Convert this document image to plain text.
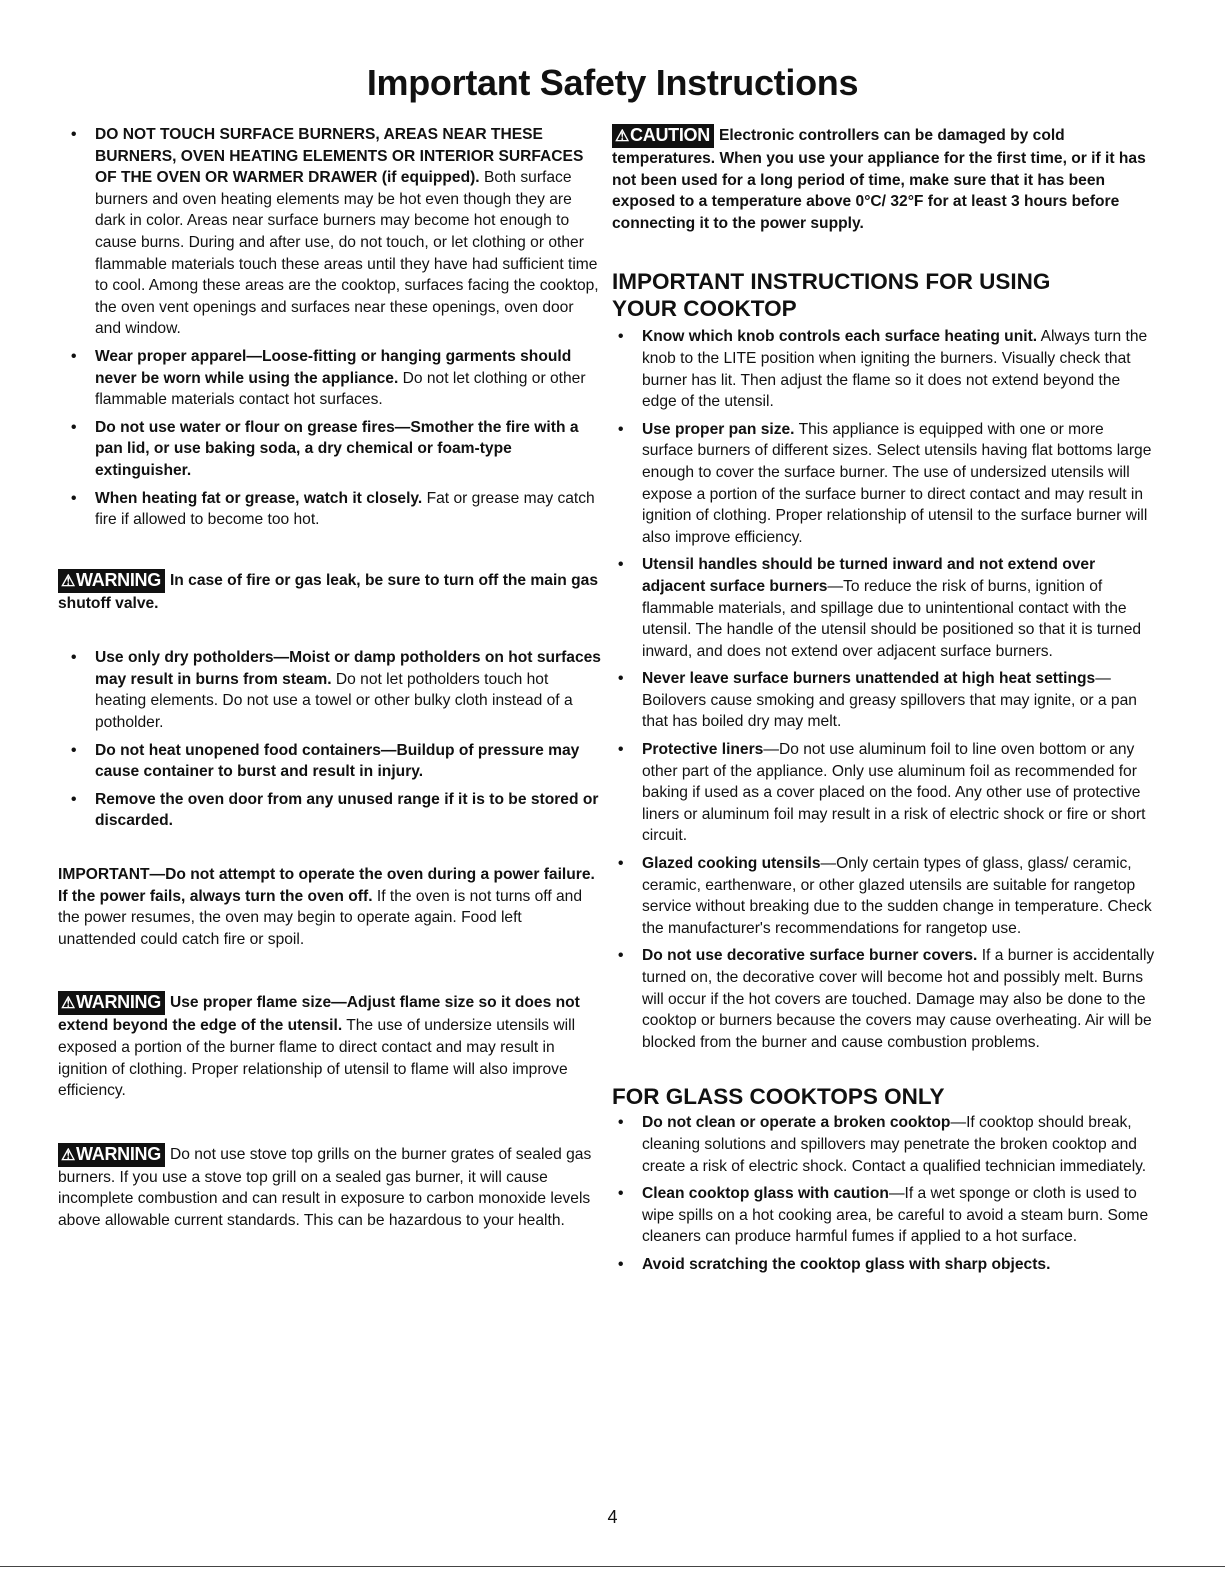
Important Safety Instructions
• DO NOT TOUCH SURFACE BURNERS, AREAS NEAR THESE BURNERS, OVEN HEATING ELEMENTS OR INTERIOR SURFACES OF THE OVEN OR WARMER DRAWER (if equipped). Both surface burners and oven heating elements may be hot even though they are dark in color. Areas near surface burners may become hot enough to cause burns. During and after use, do not touch, or let clothing or other flammable materials touch these areas until they have had sufficient time to cool. Among these areas are the cooktop, surfaces facing the cooktop, the oven vent openings and surfaces near these openings, oven door and window.
• Wear proper apparel—Loose-fitting or hanging garments should never be worn while using the appliance. Do not let clothing or other flammable materials contact hot surfaces.
• Do not use water or flour on grease fires—Smother the fire with a pan lid, or use baking soda, a dry chemical or foam-type extinguisher.
• When heating fat or grease, watch it closely. Fat or grease may catch fire if allowed to become too hot.

⚠WARNING In case of fire or gas leak, be sure to turn off the main gas shutoff valve.

• Use only dry potholders—Moist or damp potholders on hot surfaces may result in burns from steam. Do not let potholders touch hot heating elements. Do not use a towel or other bulky cloth instead of a potholder.
• Do not heat unopened food containers—Buildup of pressure may cause container to burst and result in injury.
• Remove the oven door from any unused range if it is to be stored or discarded.

IMPORTANT—Do not attempt to operate the oven during a power failure. If the power fails, always turn the oven off. If the oven is not turns off and the power resumes, the oven may begin to operate again. Food left unattended could catch fire or spoil.

⚠WARNING Use proper flame size—Adjust flame size so it does not extend beyond the edge of the utensil. The use of undersize utensils will exposed a portion of the burner flame to direct contact and may result in ignition of clothing. Proper relationship of utensil to flame will also improve efficiency.

⚠WARNING Do not use stove top grills on the burner grates of sealed gas burners. If you use a stove top grill on a sealed gas burner, it will cause incomplete combustion and can result in exposure to carbon monoxide levels above allowable current standards. This can be hazardous to your health.

⚠CAUTION Electronic controllers can be damaged by cold temperatures. When you use your appliance for the first time, or if it has not been used for a long period of time, make sure that it has been exposed to a temperature above 0°C/ 32°F for at least 3 hours before connecting it to the power supply.

IMPORTANT INSTRUCTIONS FOR USING YOUR COOKTOP
• Know which knob controls each surface heating unit. Always turn the knob to the LITE position when igniting the burners. Visually check that burner has lit. Then adjust the flame so it does not extend beyond the edge of the utensil.
• Use proper pan size. This appliance is equipped with one or more surface burners of different sizes. Select utensils having flat bottoms large enough to cover the surface burner. The use of undersized utensils will expose a portion of the surface burner to direct contact and may result in ignition of clothing. Proper relationship of utensil to the surface burner will also improve efficiency.
• Utensil handles should be turned inward and not extend over adjacent surface burners—To reduce the risk of burns, ignition of flammable materials, and spillage due to unintentional contact with the utensil. The handle of the utensil should be positioned so that it is turned inward, and does not extend over adjacent surface burners.
• Never leave surface burners unattended at high heat settings—Boilovers cause smoking and greasy spillovers that may ignite, or a pan that has boiled dry may melt.
• Protective liners—Do not use aluminum foil to line oven bottom or any other part of the appliance. Only use aluminum foil as recommended for baking if used as a cover placed on the food. Any other use of protective liners or aluminum foil may result in a risk of electric shock or fire or short circuit.
• Glazed cooking utensils—Only certain types of glass, glass/ ceramic, ceramic, earthenware, or other glazed utensils are suitable for rangetop service without breaking due to the sudden change in temperature. Check the manufacturer's recommendations for rangetop use.
• Do not use decorative surface burner covers. If a burner is accidentally turned on, the decorative cover will become hot and possibly melt. Burns will occur if the hot covers are touched. Damage may also be done to the cooktop or burners because the covers may cause overheating. Air will be blocked from the burner and cause combustion problems.
FOR GLASS COOKTOPS ONLY
• Do not clean or operate a broken cooktop—If cooktop should break, cleaning solutions and spillovers may penetrate the broken cooktop and create a risk of electric shock. Contact a qualified technician immediately.
• Clean cooktop glass with caution—If a wet sponge or cloth is used to wipe spills on a hot cooking area, be careful to avoid a steam burn. Some cleaners can produce harmful fumes if applied to a hot surface.
• Avoid scratching the cooktop glass with sharp objects.
4
